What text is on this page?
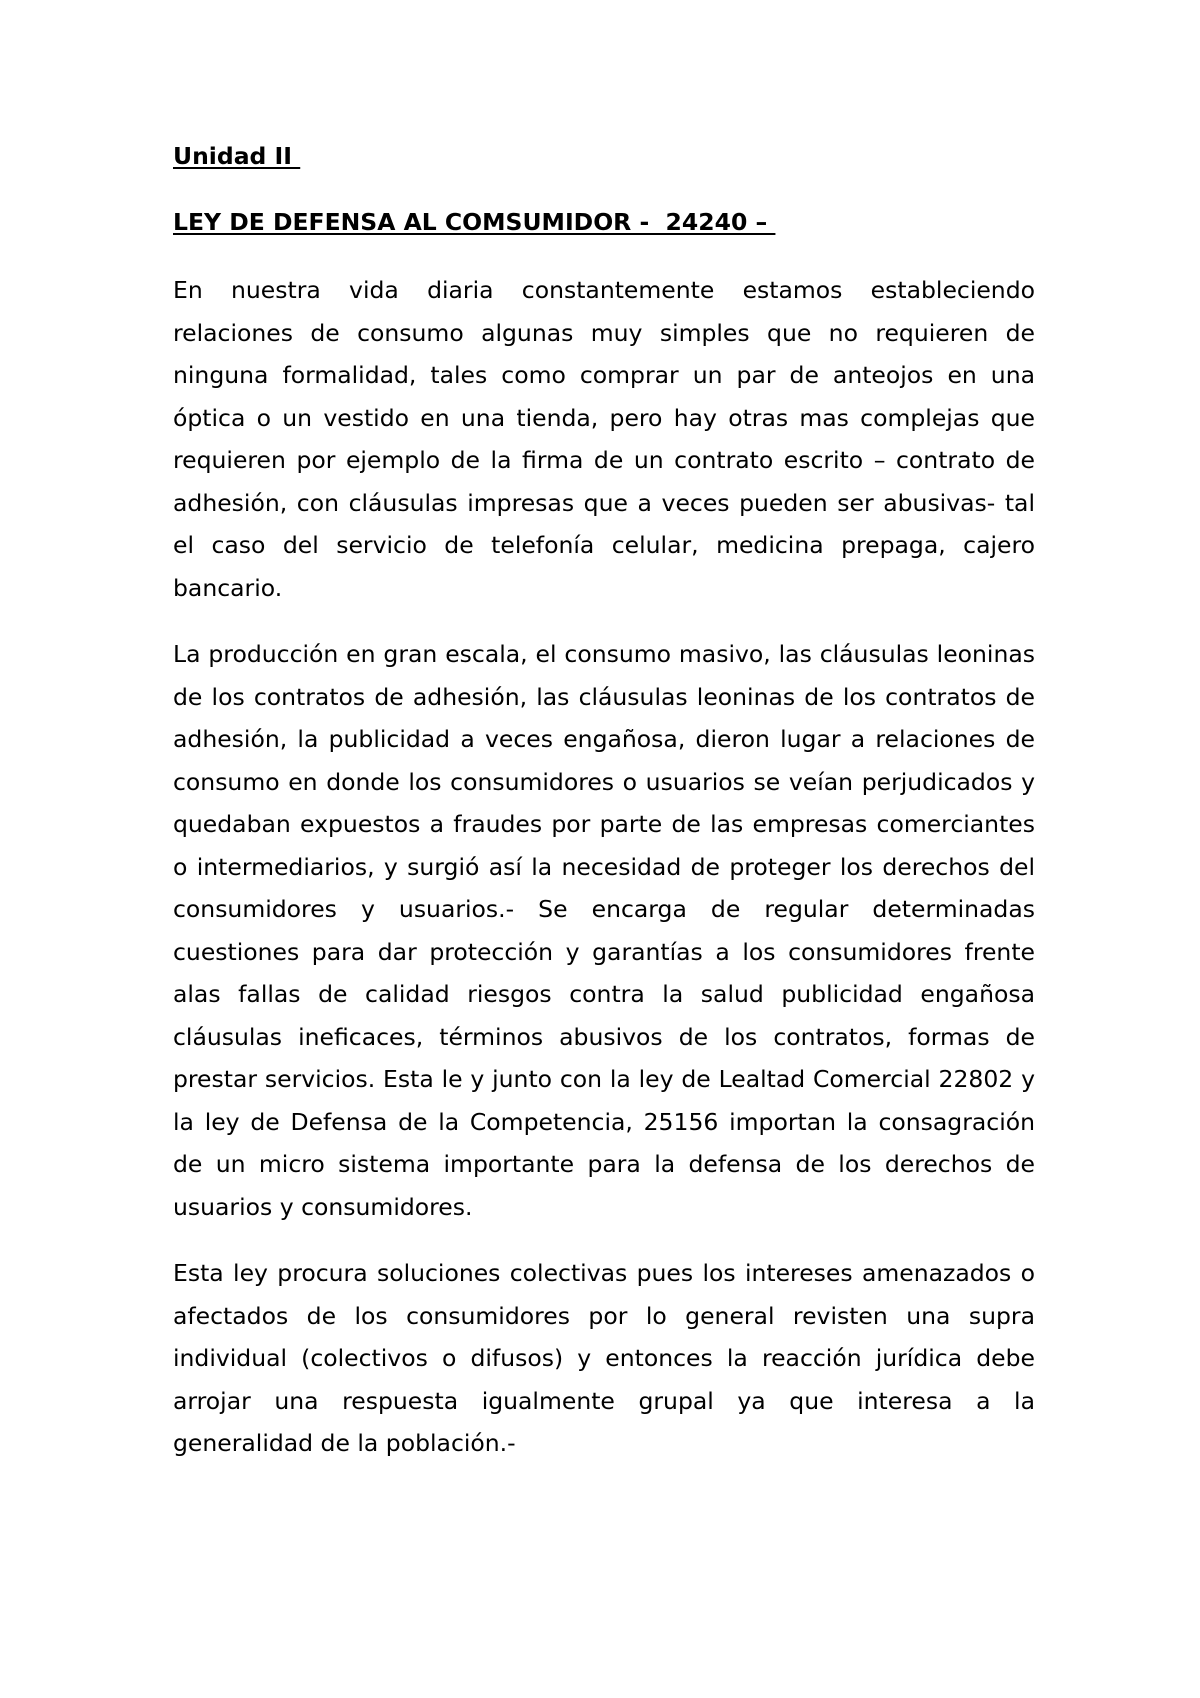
Unidad II
LEY DE DEFENSA AL COMSUMIDOR -  24240 –

En nuestra vida diaria constantemente estamos estableciendo relaciones de consumo algunas muy simples que no requieren de ninguna formalidad, tales como comprar un par de anteojos en una óptica o un vestido en una tienda, pero hay otras mas complejas que requieren por ejemplo de la firma de un contrato escrito – contrato de adhesión, con cláusulas impresas que a veces pueden ser abusivas- tal el caso del servicio de telefonía celular, medicina prepaga, cajero bancario.

La producción en gran escala, el consumo masivo, las cláusulas leoninas de los contratos de adhesión, las cláusulas leoninas de los contratos de adhesión, la publicidad a veces engañosa, dieron lugar a relaciones de consumo en donde los consumidores o usuarios se veían perjudicados y quedaban expuestos a fraudes por parte de las empresas comerciantes o intermediarios, y surgió así la necesidad de proteger los derechos del consumidores y usuarios.- Se encarga de regular determinadas cuestiones para dar protección y garantías a los consumidores frente alas fallas de calidad riesgos contra la salud publicidad engañosa cláusulas ineficaces, términos abusivos de los contratos, formas de prestar servicios. Esta le y junto con la ley de Lealtad Comercial 22802 y la ley de Defensa de la Competencia, 25156 importan la consagración de un micro sistema importante para la defensa de los derechos de usuarios y consumidores.

Esta ley procura soluciones colectivas pues los intereses amenazados o afectados de los consumidores por lo general revisten una supra individual (colectivos o difusos) y entonces la reacción jurídica debe arrojar una respuesta igualmente grupal ya que interesa a la generalidad de la población.-
